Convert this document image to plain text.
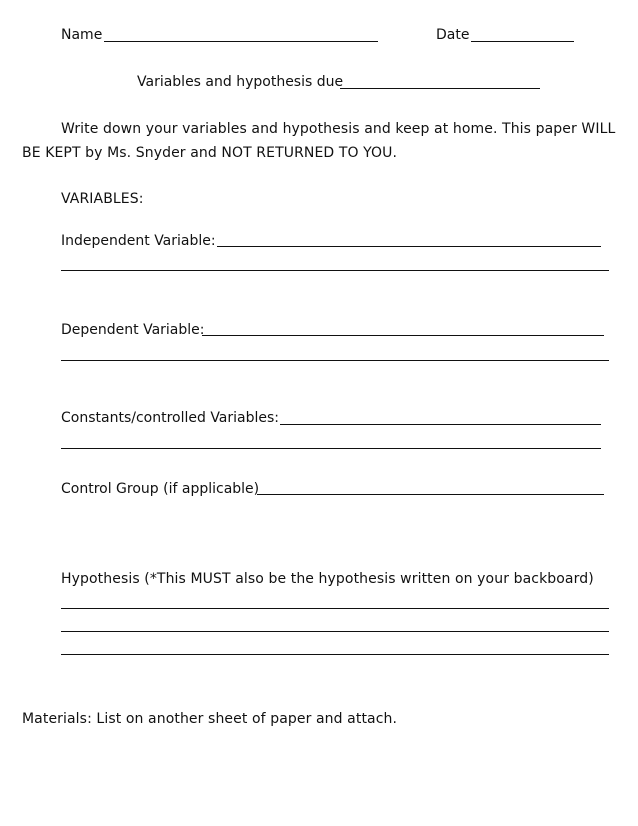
Name	Date
Variables and hypothesis due
Write down your variables and hypothesis and keep at home. This paper WILL
BE KEPT by Ms. Snyder and NOT RETURNED TO YOU.
VARIABLES:
Independent Variable:
Dependent Variable:
Constants/controlled Variables:
Control Group (if applicable)
Hypothesis (*This MUST also be the hypothesis written on your backboard)
Materials: List on another sheet of paper and attach.
